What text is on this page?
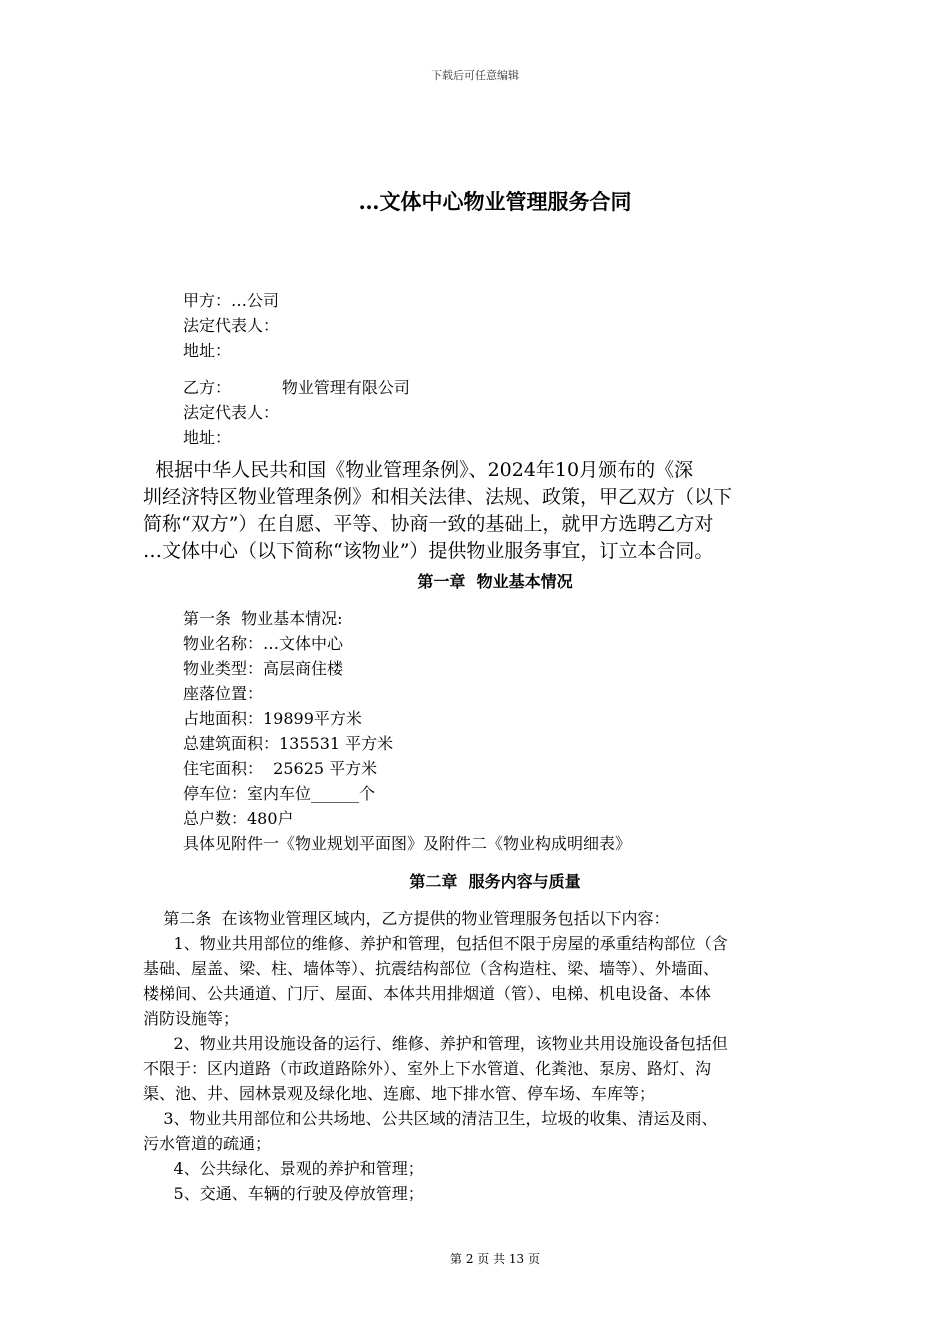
下载后可任意编辑
…文体中心物业管理服务合同
甲方：…公司
法定代表人：
地址：
乙方：          物业管理有限公司
法定代表人：
地址：
根据中华人民共和国《物业管理条例》、2024年10月颁布的《深
圳经济特区物业管理条例》和相关法律、法规、政策，甲乙双方（以下
简称“双方”）在自愿、平等、协商一致的基础上，就甲方选聘乙方对
…文体中心（以下简称“该物业”）提供物业服务事宜，订立本合同。
第一章  物业基本情况
第一条  物业基本情况:
物业名称：…文体中心
物业类型：高层商住楼
座落位置：
占地面积：19899平方米
总建筑面积：135531 平方米
住宅面积：  25625 平方米
停车位：室内车位______个
总户数：480户
具体见附件一《物业规划平面图》及附件二《物业构成明细表》
第二章  服务内容与质量
第二条  在该物业管理区域内，乙方提供的物业管理服务包括以下内容：
1、物业共用部位的维修、养护和管理，包括但不限于房屋的承重结构部位（含
基础、屋盖、梁、柱、墙体等）、抗震结构部位（含构造柱、梁、墙等）、外墙面、
楼梯间、公共通道、门厅、屋面、本体共用排烟道（管）、电梯、机电设备、本体
消防设施等；
2、物业共用设施设备的运行、维修、养护和管理，该物业共用设施设备包括但
不限于：区内道路（市政道路除外）、室外上下水管道、化粪池、泵房、路灯、沟
渠、池、井、园林景观及绿化地、连廊、地下排水管、停车场、车库等；
3、物业共用部位和公共场地、公共区域的清洁卫生，垃圾的收集、清运及雨、
污水管道的疏通；
4、公共绿化、景观的养护和管理；
5、交通、车辆的行驶及停放管理；
第 2 页 共 13 页
